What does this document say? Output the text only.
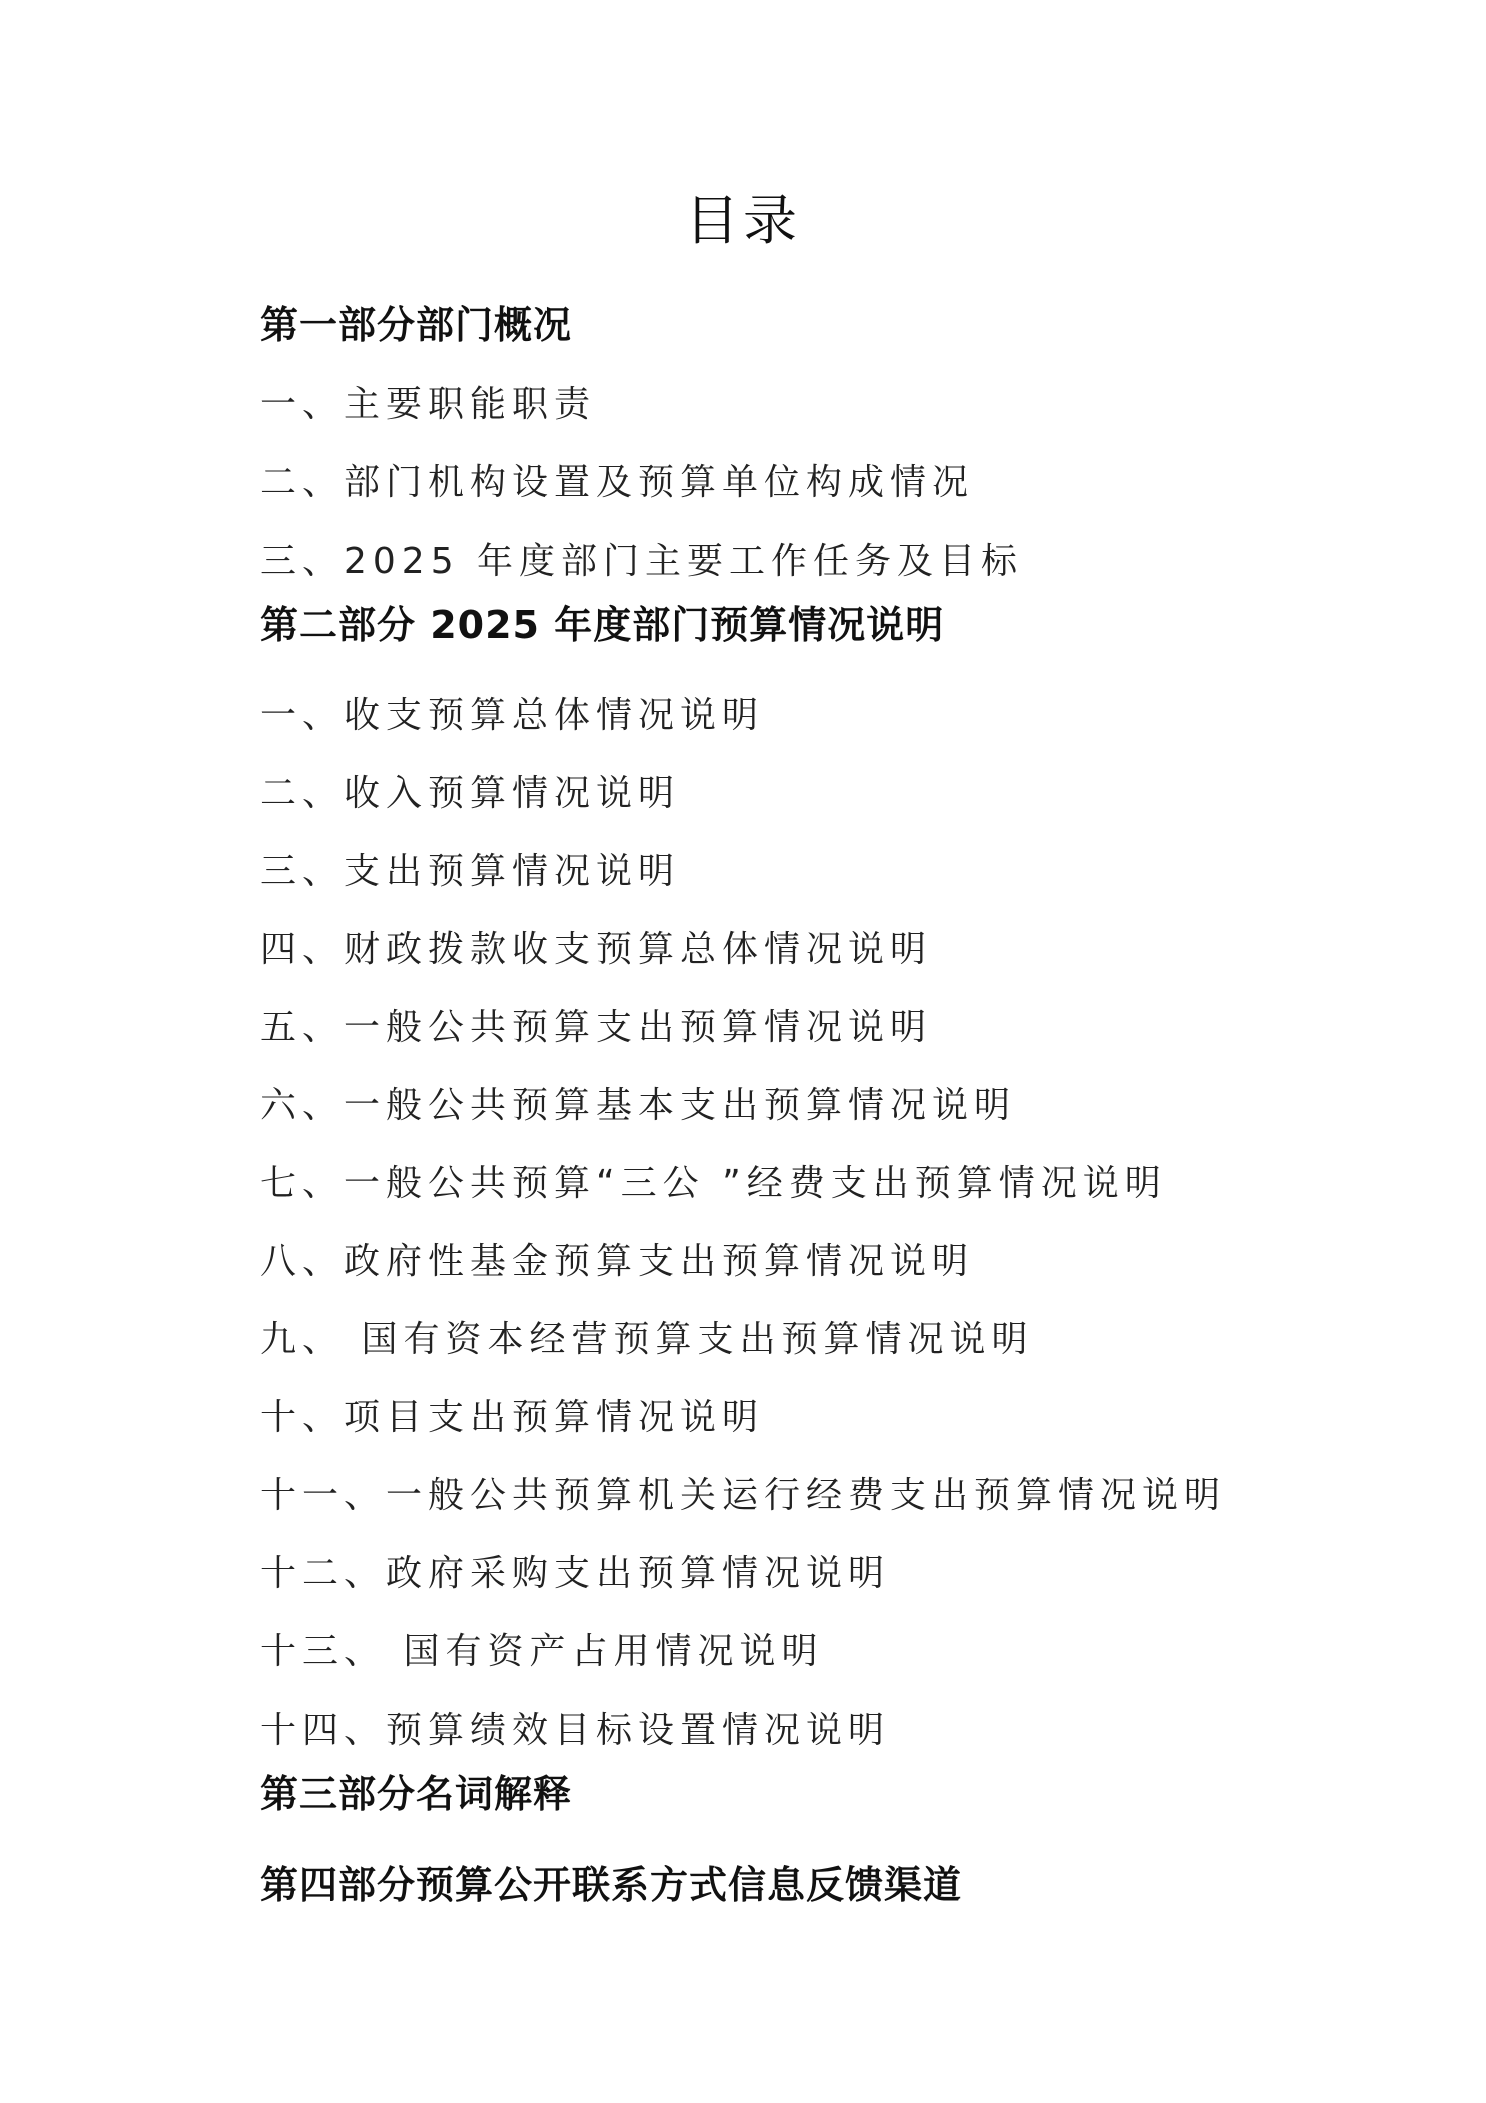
目录
第一部分部门概况
一、主要职能职责
二、部门机构设置及预算单位构成情况
三、2025 年度部门主要工作任务及目标
第二部分 2025 年度部门预算情况说明
一、收支预算总体情况说明
二、收入预算情况说明
三、支出预算情况说明
四、财政拨款收支预算总体情况说明
五、一般公共预算支出预算情况说明
六、一般公共预算基本支出预算情况说明
七、一般公共预算“三公 ”经费支出预算情况说明
八、政府性基金预算支出预算情况说明
九、 国有资本经营预算支出预算情况说明
十、项目支出预算情况说明
十一、一般公共预算机关运行经费支出预算情况说明
十二、政府采购支出预算情况说明
十三、 国有资产占用情况说明
十四、预算绩效目标设置情况说明
第三部分名词解释
第四部分预算公开联系方式信息反馈渠道
